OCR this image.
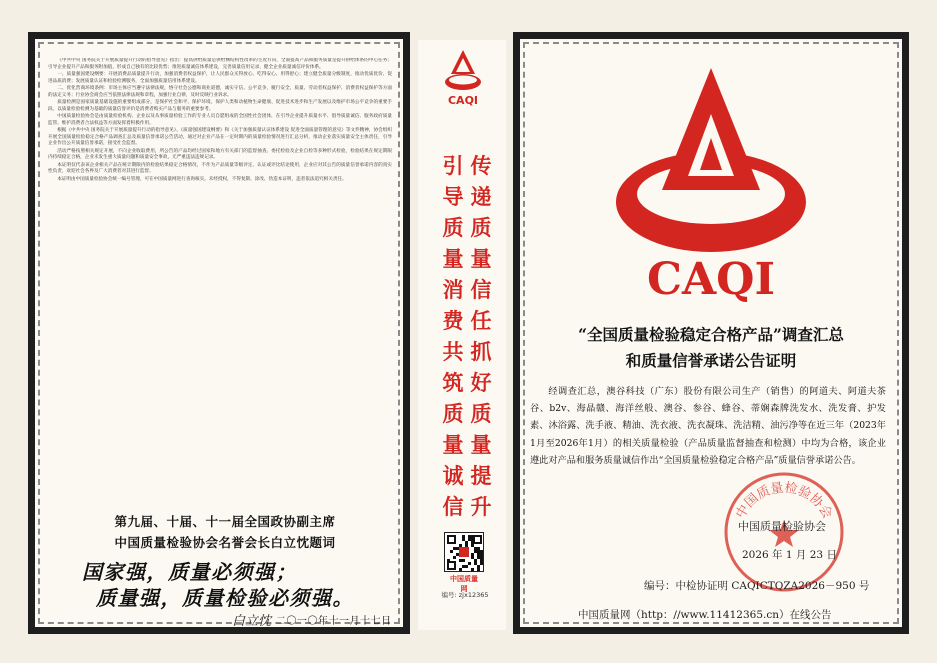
《中共中央 国务院关于开展质量提升行动的指导意见》指出：提高供给质量是供给侧结构性改革的主攻方向，全面提高产品和服务质量是提升供给体系的中心任务；引导企业提升产品和服务附加值，形成自己独有的比较优势；推进质量诚信体系建设，完善质量信用记录，健全企业质量诚信评价体系。

一、质量强国建设纲要：开展消费品质量提升行动，加强消费者权益保护，让人民群众买得放心、吃得安心、用得舒心；建立健全质量分级制度，推动优质优价、促进品质消费；发展质量认证和检验检测服务，全面加强质量信用体系建设。

二、优化营商环境条例：市场主体应当遵守法律法规，恪守社会公德和商业道德，诚实守信、公平竞争，履行安全、质量、劳动者权益保护、消费者权益保护等方面的法定义务；行业协会商会应当依照法律法规和章程，加强行业自律，及时反映行业诉求。

质量检测是国家质量基础设施的重要组成部分，是保护社会和平、保护环境、保护人类和动植物生命健康、促进技术进步和生产发展以及维护市场公平竞争的重要手段。以质量检验检测为基础的质量信誉评价是消费者购买产品与服务的重要参考。

中国质量检验协会是由质量检验机构、企业以及从事质量检验工作的专业人员自愿组成的全国性社会团体，在引导企业提升质量水平、倡导质量诚信、服务政府质量监管、维护消费者合法权益等方面发挥着积极作用。

根据《中共中央 国务院关于开展质量提升行动的指导意见》、《质量强国建设纲要》和《关于加强质量认证体系建设 促进全面质量管理的意见》等文件精神，协会组织开展全国质量检验稳定合格产品调查汇总及质量信誉承诺公告活动，通过对企业产品在一定时期内的质量检验情况进行汇总分析，推动企业落实质量安全主体责任，引导企业作出公开质量信誉承诺，接受社会监督。

活动严格按照相关规定开展，不向企业收取费用，所公告的产品均经过国家和地方有关部门的监督抽查、委托检验及企业自检等多种形式检验，检验结果在规定期限内持续稳定合格，企业未发生重大质量问题和质量安全事故，无严重违法违规记录。

本证明仅代表该企业相关产品在统计期限内的检验结果稳定合格情况，不作为产品质量等级评定、认证或评比结论使用，企业应对其公告的质量信誉承诺内容的真实性负责，欢迎社会各界及广大消费者对其进行监督。

本证明由中国质量检验协会统一编号管理，可在中国质量网进行查询核实。未经授权，不得复制、涂改、伪造本证明，违者依法追究相关责任。

第九届、十届、十一届全国政协副主席
中国质量检验协会名誉会长白立忱题词
国家强，质量必须强；
质量强，质量检验必须强。
白立忱 二〇一〇年十一月十七日
CAQI
传递质量信任
抓好质量提升
引导质量消费
共筑质量诚信
中国质量网
编号: zjx12365
CAQI
“全国质量检验稳定合格产品”调查汇总
和质量信誉承诺公告证明
经调查汇总，澳谷科技（广东）股份有限公司生产（销售）的阿道夫、阿道夫茶谷、b2v、海晶赣、海洋丝般、澳谷、参谷、蜂谷、蒂娴森牌洗发水、洗发膏、护发素、沐浴露、洗手液、精油、洗衣液、洗衣凝珠、洗洁精、油污净等在近三年（2023年1月至2026年1月）的相关质量检验（产品质量监督抽查和检测）中均为合格，该企业遵此对产品和服务质量诚信作出“全国质量检验稳定合格产品”质量信誉承诺公告。
中国质量检验协会
中国质量检验协会
2026 年 1 月 23 日
编号：中检协证明 CAQICTQZA2026－950 号
中国质量网（http：//www.11412365.cn）在线公告
